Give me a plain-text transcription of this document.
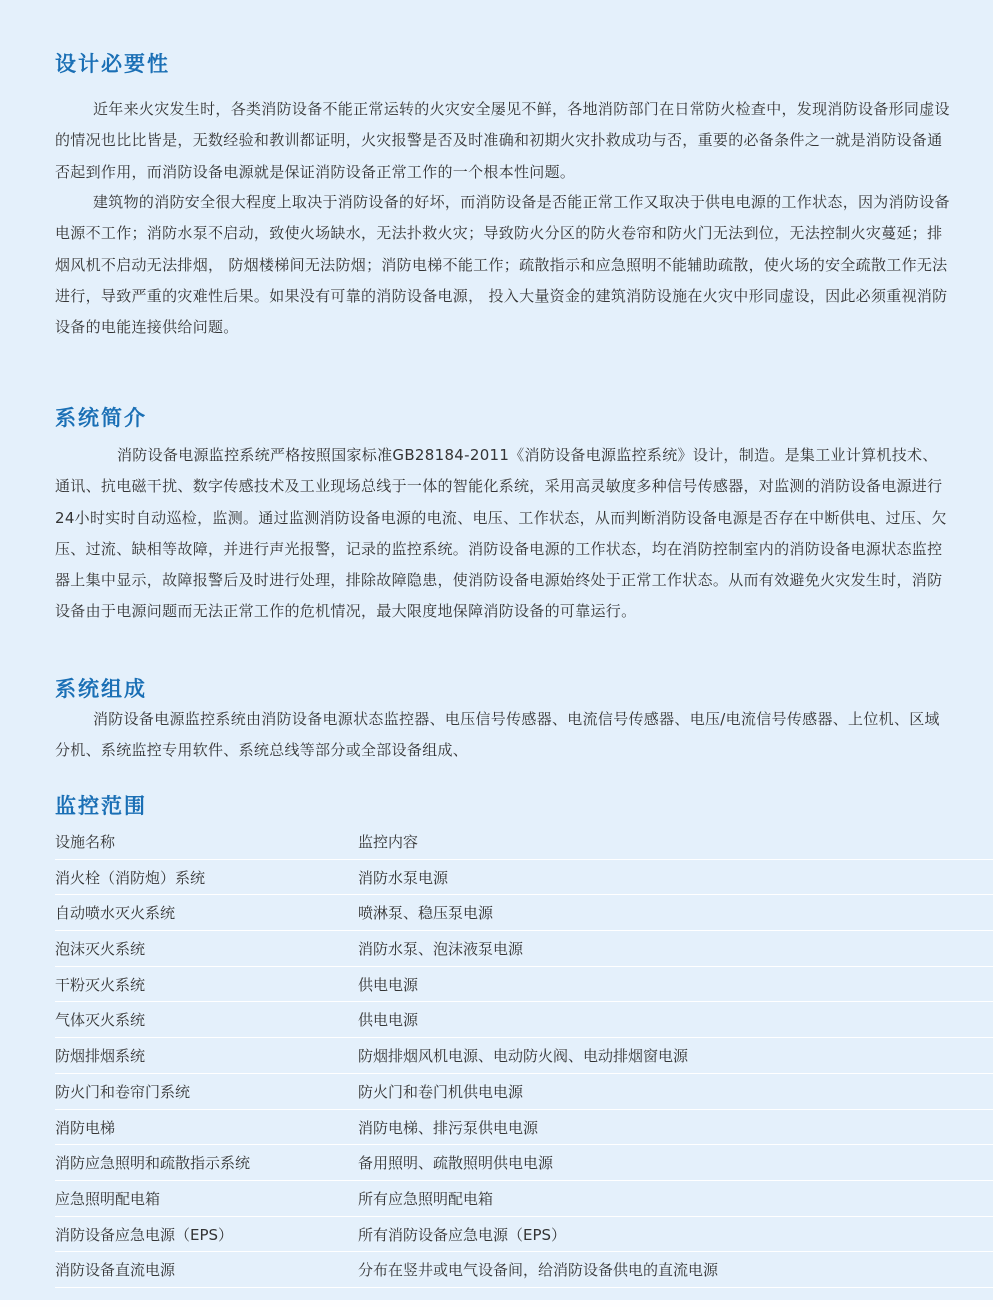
设计必要性

近年来火灾发生时，各类消防设备不能正常运转的火灾安全屡见不鲜，各地消防部门在日常防火检查中，发现消防设备形同虚设的情况也比比皆是，无数经验和教训都证明，火灾报警是否及时准确和初期火灾扑救成功与否，重要的必备条件之一就是消防设备通否起到作用，而消防设备电源就是保证消防设备正常工作的一个根本性问题。

建筑物的消防安全很大程度上取决于消防设备的好坏，而消防设备是否能正常工作又取决于供电电源的工作状态，因为消防设备电源不工作；消防水泵不启动，致使火场缺水，无法扑救火灾；导致防火分区的防火卷帘和防火门无法到位，无法控制火灾蔓延；排烟风机不启动无法排烟， 防烟楼梯间无法防烟；消防电梯不能工作；疏散指示和应急照明不能辅助疏散，使火场的安全疏散工作无法进行，导致严重的灾难性后果。如果没有可靠的消防设备电源， 投入大量资金的建筑消防设施在火灾中形同虚设，因此必须重视消防设备的电能连接供给问题。

系统简介

消防设备电源监控系统严格按照国家标准GB28184-2011《消防设备电源监控系统》设计，制造。是集工业计算机技术、通讯、抗电磁干扰、数字传感技术及工业现场总线于一体的智能化系统，采用高灵敏度多种信号传感器，对监测的消防设备电源进行24小时实时自动巡检，监测。通过监测消防设备电源的电流、电压、工作状态，从而判断消防设备电源是否存在中断供电、过压、欠压、过流、缺相等故障，并进行声光报警，记录的监控系统。消防设备电源的工作状态，均在消防控制室内的消防设备电源状态监控器上集中显示，故障报警后及时进行处理，排除故障隐患，使消防设备电源始终处于正常工作状态。从而有效避免火灾发生时，消防设备由于电源问题而无法正常工作的危机情况，最大限度地保障消防设备的可靠运行。

系统组成

消防设备电源监控系统由消防设备电源状态监控器、电压信号传感器、电流信号传感器、电压/电流信号传感器、上位机、区域分机、系统监控专用软件、系统总线等部分或全部设备组成、

监控范围
设施名称	监控内容
消火栓（消防炮）系统	消防水泵电源
自动喷水灭火系统	喷淋泵、稳压泵电源
泡沫灭火系统	消防水泵、泡沫液泵电源
干粉灭火系统	供电电源
气体灭火系统	供电电源
防烟排烟系统	防烟排烟风机电源、电动防火阀、电动排烟窗电源
防火门和卷帘门系统	防火门和卷门机供电电源
消防电梯	消防电梯、排污泵供电电源
消防应急照明和疏散指示系统	备用照明、疏散照明供电电源
应急照明配电箱	所有应急照明配电箱
消防设备应急电源（EPS）	所有消防设备应急电源（EPS）
消防设备直流电源	分布在竖井或电气设备间，给消防设备供电的直流电源
